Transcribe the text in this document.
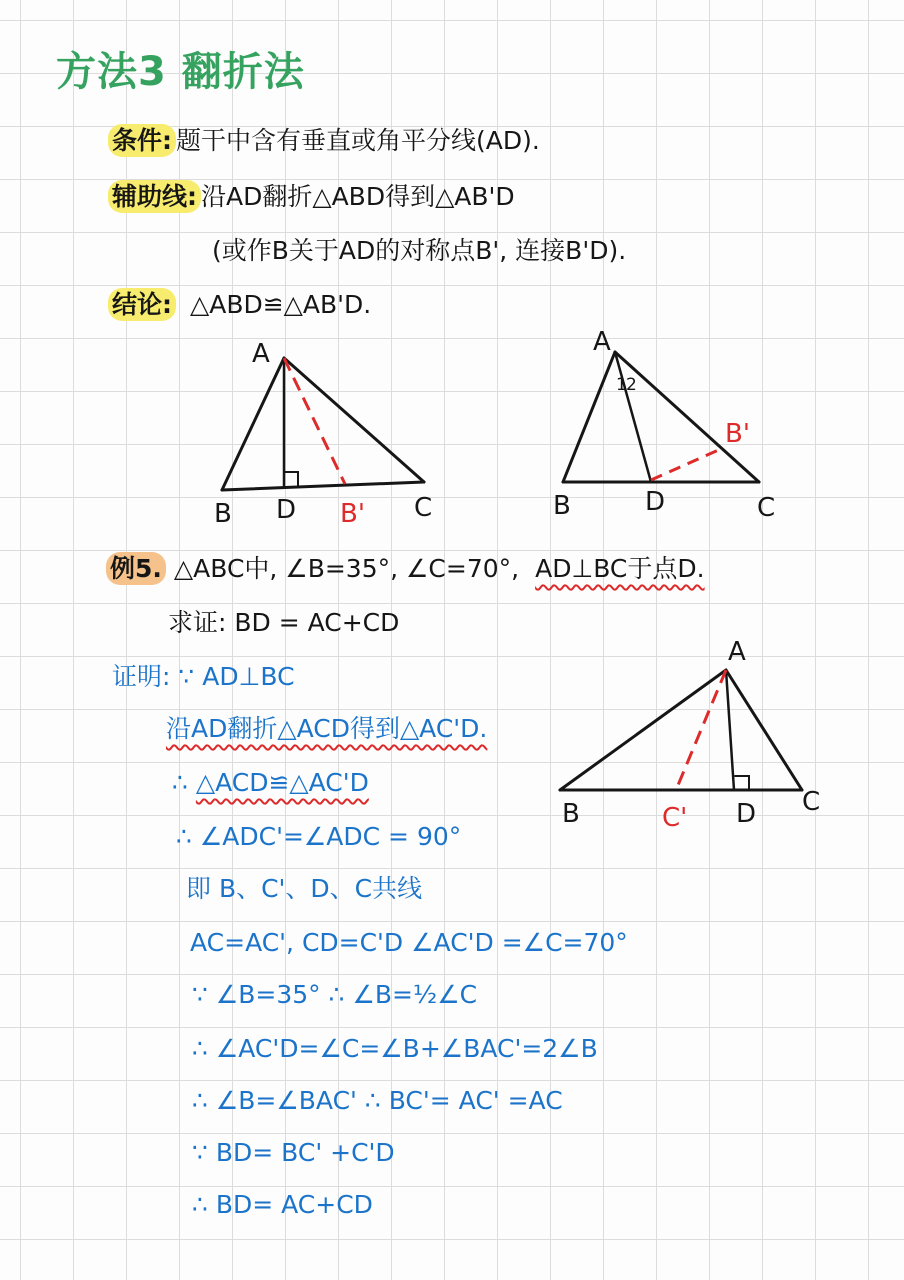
方法3 翻折法
条件: 题干中含有垂直或角平分线(AD).
辅助线: 沿AD翻折△ABD得到△AB'D
(或作B关于AD的对称点B', 连接B'D).
结论: △ABD≌△AB'D.
A
B D B' C
A
1 2
B	D
B'
C
例5. △ABC中, ∠B=35°, ∠C=70°, AD⊥BC于点D.
求证: BD = AC+CD
A
B	C' D C
证明: ∵ AD⊥BC
沿AD翻折△ACD得到△AC'D.
∴ △ACD≌△AC'D
∴ ∠ADC'=∠ADC = 90°
即 B、C'、D、C共线
AC=AC', CD=C'D ∠AC'D =∠C=70°
∵ ∠B=35° ∴ ∠B=½∠C
∴ ∠AC'D=∠C=∠B+∠BAC'=2∠B
∴ ∠B=∠BAC' ∴ BC'= AC' =AC
∵ BD= BC' +C'D
∴ BD= AC+CD
